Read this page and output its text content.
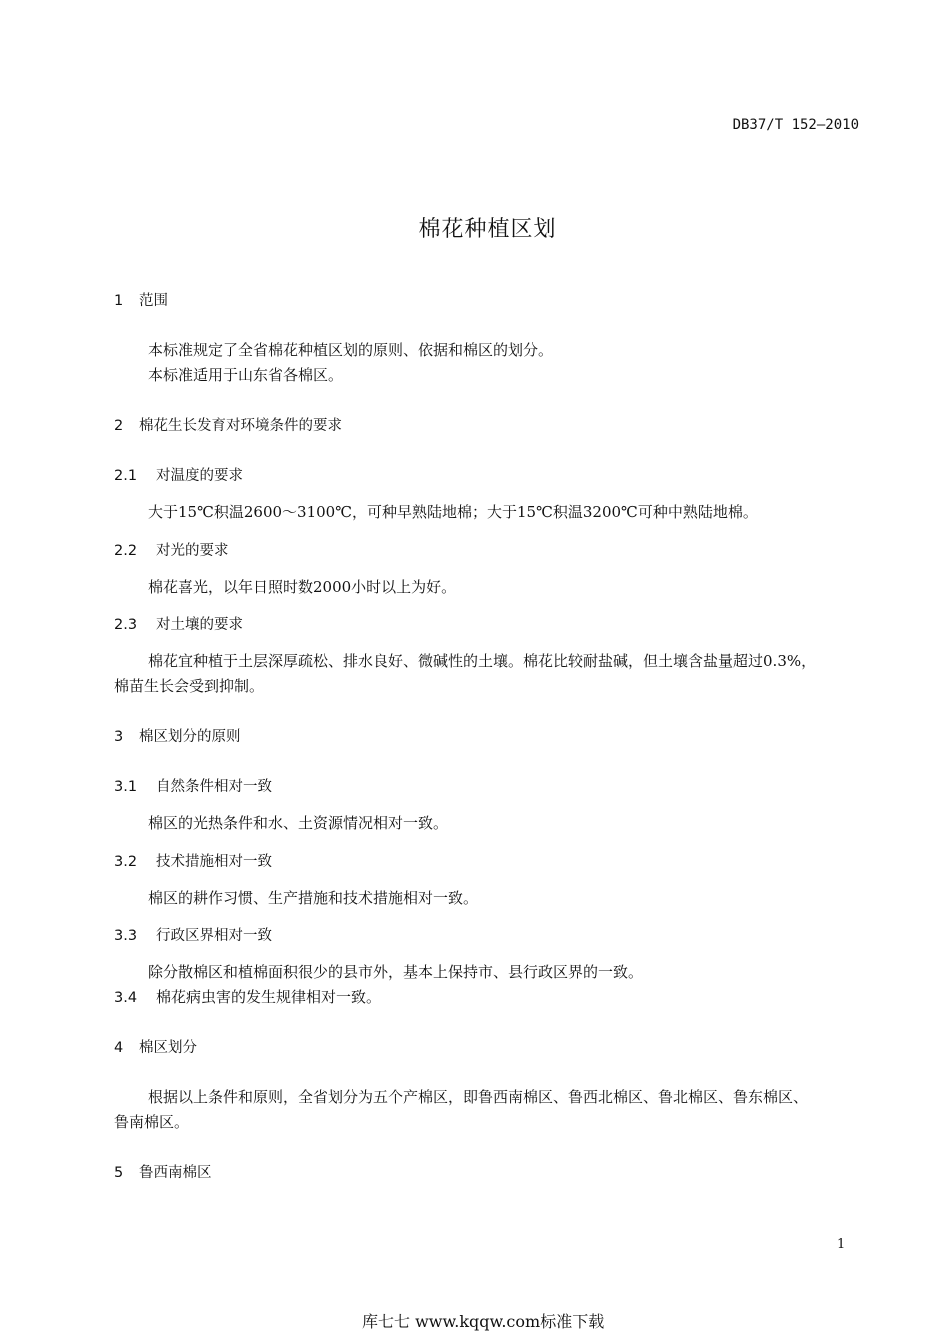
DB37/T 152—2010
棉花种植区划
1 范围
本标准规定了全省棉花种植区划的原则、依据和棉区的划分。
本标准适用于山东省各棉区。
2 棉花生长发育对环境条件的要求
2.1 对温度的要求
大于15℃积温2600～3100℃，可种早熟陆地棉；大于15℃积温3200℃可种中熟陆地棉。
2.2 对光的要求
棉花喜光，以年日照时数2000小时以上为好。
2.3 对土壤的要求
棉花宜种植于土层深厚疏松、排水良好、微碱性的土壤。棉花比较耐盐碱，但土壤含盐量超过0.3%，
棉苗生长会受到抑制。
3 棉区划分的原则
3.1 自然条件相对一致
棉区的光热条件和水、土资源情况相对一致。
3.2 技术措施相对一致
棉区的耕作习惯、生产措施和技术措施相对一致。
3.3 行政区界相对一致
除分散棉区和植棉面积很少的县市外，基本上保持市、县行政区界的一致。
3.4 棉花病虫害的发生规律相对一致。
4 棉区划分
根据以上条件和原则，全省划分为五个产棉区，即鲁西南棉区、鲁西北棉区、鲁北棉区、鲁东棉区、
鲁南棉区。
5 鲁西南棉区
1
库七七 www.kqqw.com标准下载
